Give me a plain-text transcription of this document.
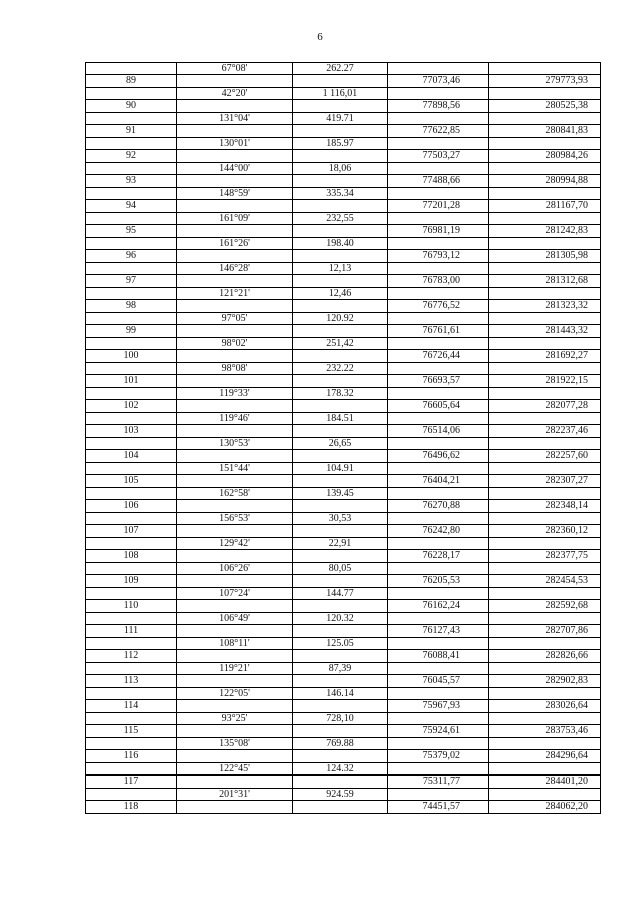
6
	67°08'	262.27		
89			77073,46	279773,93
	42°20'	1 116,01		
90			77898,56	280525,38
	131°04'	419.71		
91			77622,85	280841,83
	130°01'	185.97		
92			77503,27	280984,26
	144°00'	18,06		
93			77488,66	280994,88
	148°59'	335.34		
94			77201,28	281167,70
	161°09'	232,55		
95			76981,19	281242,83
	161°26'	198.40		
96			76793,12	281305,98
	146°28'	12,13		
97			76783,00	281312,68
	121°21'	12,46		
98			76776,52	281323,32
	97°05'	120.92		
99			76761,61	281443,32
	98°02'	251,42		
100			76726,44	281692,27
	98°08'	232.22		
101			76693,57	281922,15
	119°33'	178.32		
102			76605,64	282077,28
	119°46'	184.51		
103			76514,06	282237,46
	130°53'	26,65		
104			76496,62	282257,60
	151°44'	104.91		
105			76404,21	282307,27
	162°58'	139.45		
106			76270,88	282348,14
	156°53'	30,53		
107			76242,80	282360,12
	129°42'	22,91		
108			76228,17	282377,75
	106°26'	80,05		
109			76205,53	282454,53
	107°24'	144.77		
110			76162,24	282592,68
	106°49'	120.32		
111			76127,43	282707,86
	108°11'	125.05		
112			76088,41	282826,66
	119°21'	87,39		
113			76045,57	282902,83
	122°05'	146.14		
114			75967,93	283026,64
	93°25'	728,10		
115			75924,61	283753,46
	135°08'	769.88		
116			75379,02	284296,64
	122°45'	124.32		
117			75311,77	284401,20
	201°31'	924.59		
118			74451,57	284062,20
